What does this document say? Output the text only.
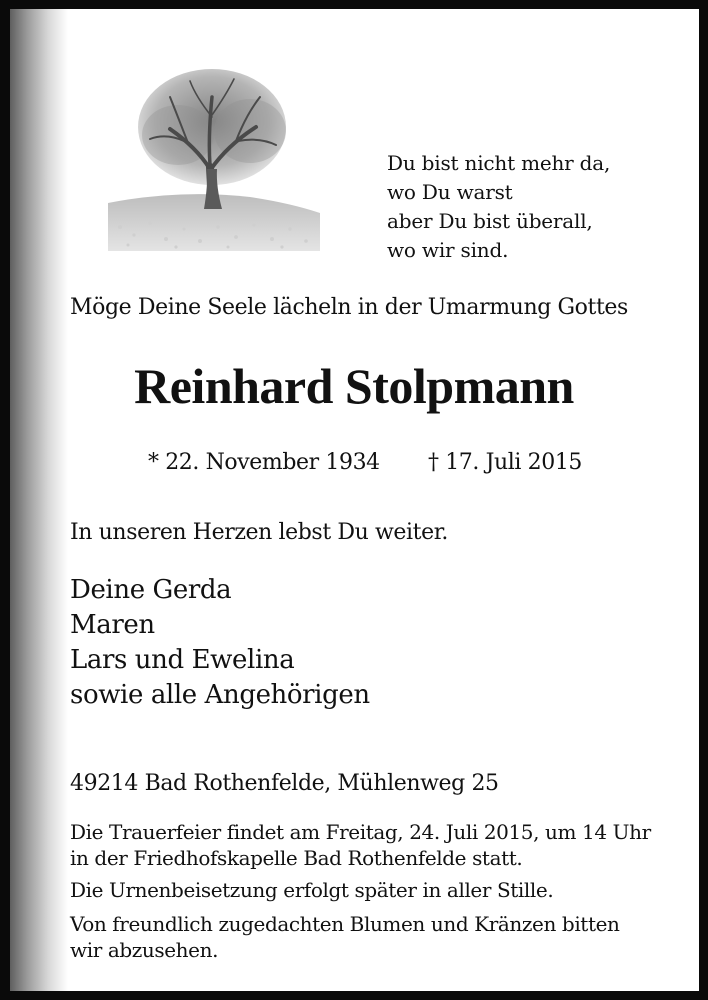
Du bist nicht mehr da,
wo Du warst
aber Du bist überall,
wo wir sind.

Möge Deine Seele lächeln in der Umarmung Gottes

Reinhard Stolpmann

* 22. November 1934 † 17. Juli 2015

In unseren Herzen lebst Du weiter.

Deine Gerda
Maren
Lars und Ewelina
sowie alle Angehörigen

49214 Bad Rothenfelde, Mühlenweg 25

Die Trauerfeier findet am Freitag, 24. Juli 2015, um 14 Uhr
in der Friedhofskapelle Bad Rothenfelde statt.

Die Urnenbeisetzung erfolgt später in aller Stille.

Von freundlich zugedachten Blumen und Kränzen bitten
wir abzusehen.
